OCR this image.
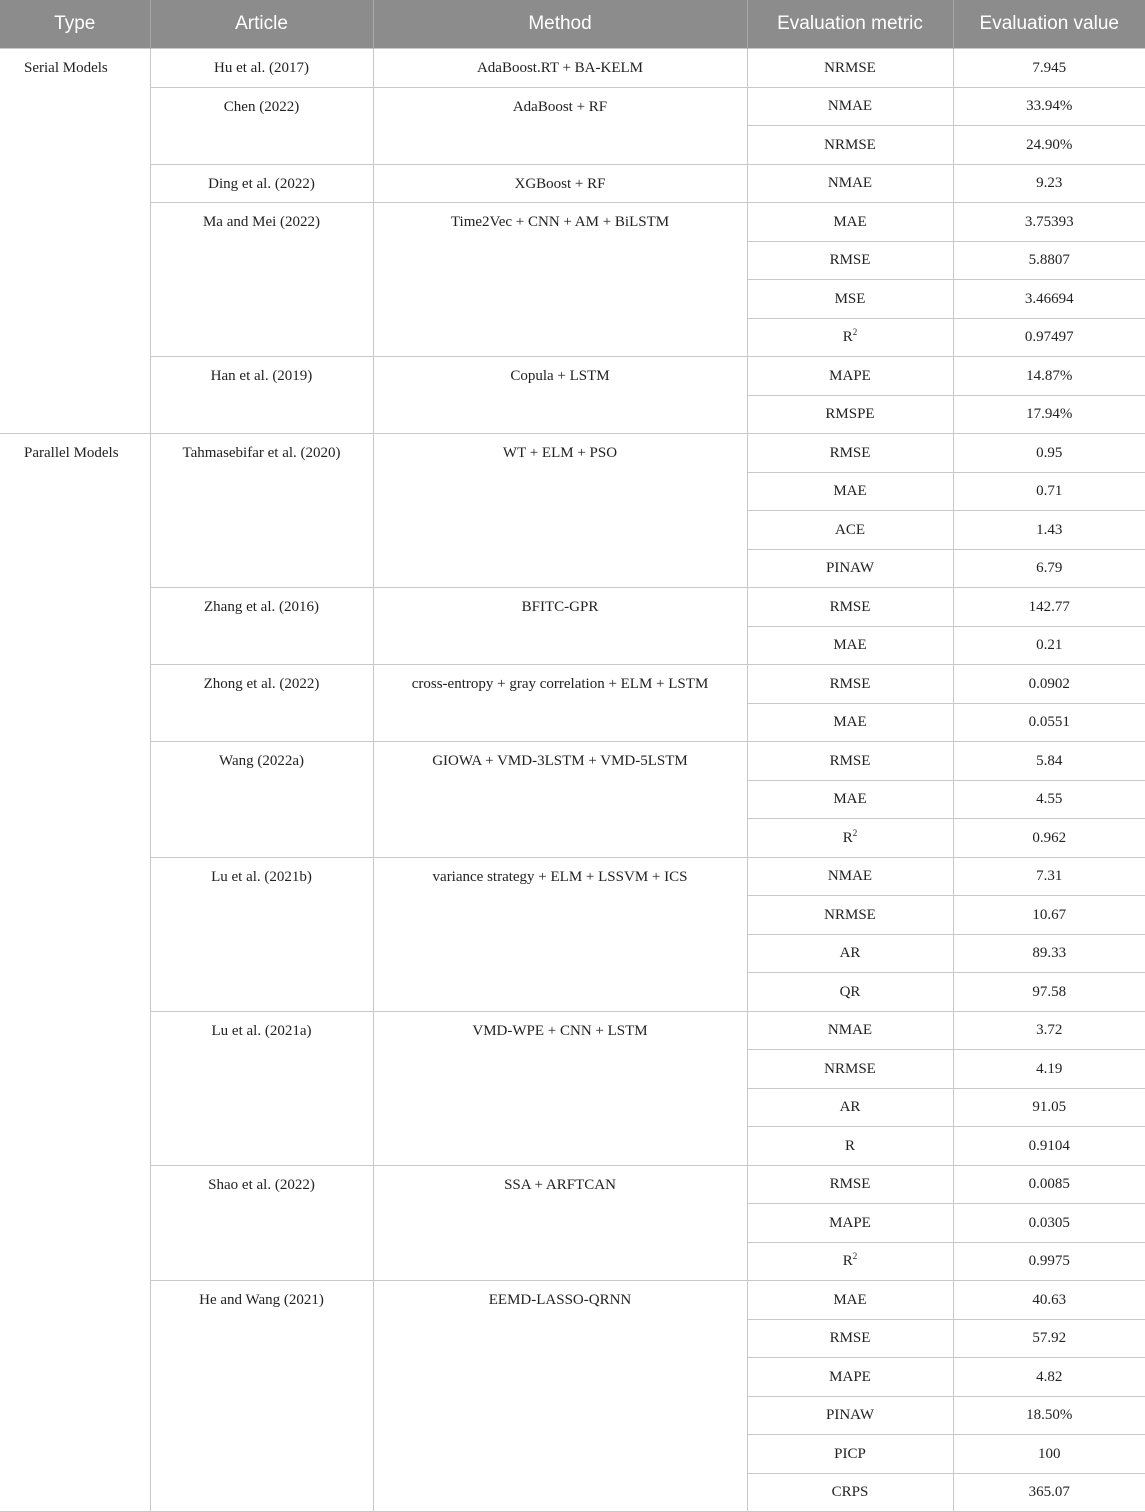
Type	Article	Method	Evaluation metric	Evaluation value
Serial Models	Hu et al. (2017)	AdaBoost.RT + BA-KELM	NRMSE	7.945
	Chen (2022)	AdaBoost + RF	NMAE	33.94%
			NRMSE	24.90%
	Ding et al. (2022)	XGBoost + RF	NMAE	9.23
	Ma and Mei (2022)	Time2Vec + CNN + AM + BiLSTM	MAE	3.75393
			RMSE	5.8807
			MSE	3.46694
			$R^2$	0.97497
	Han et al. (2019)	Copula + LSTM	MAPE	14.87%
			RMSPE	17.94%
Parallel Models	Tahmasebifar et al. (2020)	WT + ELM + PSO	RMSE	0.95
			MAE	0.71
			ACE	1.43
			PINAW	6.79
	Zhang et al. (2016)	BFITC-GPR	RMSE	142.77
			MAE	0.21
	Zhong et al. (2022)	cross-entropy + gray correlation + ELM + LSTM	RMSE	0.0902
			MAE	0.0551
	Wang (2022a)	GIOWA + VMD-3LSTM + VMD-5LSTM	RMSE	5.84
			MAE	4.55
			$R^2$	0.962
	Lu et al. (2021b)	variance strategy + ELM + LSSVM + ICS	NMAE	7.31
			NRMSE	10.67
			AR	89.33
			QR	97.58
	Lu et al. (2021a)	VMD-WPE + CNN + LSTM	NMAE	3.72
			NRMSE	4.19
			AR	91.05
			R	0.9104
	Shao et al. (2022)	SSA + ARFTCAN	RMSE	0.0085
			MAPE	0.0305
			$R^2$	0.9975
	He and Wang (2021)	EEMD-LASSO-QRNN	MAE	40.63
			RMSE	57.92
			MAPE	4.82
			PINAW	18.50%
			PICP	100
			CRPS	365.07
